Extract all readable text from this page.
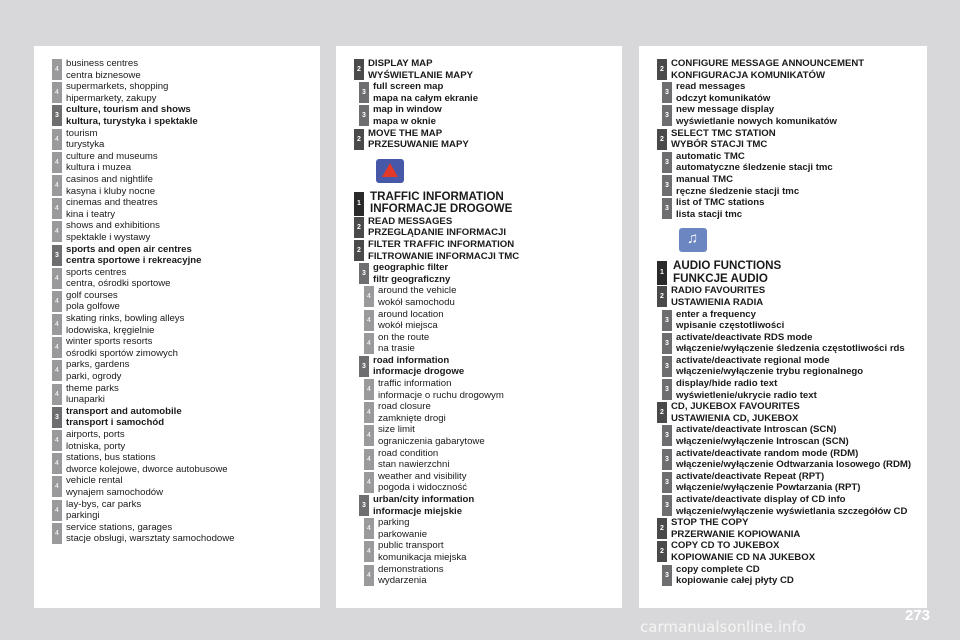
4
business centres
centra biznesowe
4
supermarkets, shopping
hipermarkety, zakupy
3
culture, tourism and shows
kultura, turystyka i spektakle
4
tourism
turystyka
4
culture and museums
kultura i muzea
4
casinos and nightlife
kasyna i kluby nocne
4
cinemas and theatres
kina i teatry
4
shows and exhibitions
spektakle i wystawy
3
sports and open air centres
centra sportowe i rekreacyjne
4
sports centres
centra, ośrodki sportowe
4
golf courses
pola golfowe
4
skating rinks, bowling alleys
lodowiska, kręgielnie
4
winter sports resorts
ośrodki sportów zimowych
4
parks, gardens
parki, ogrody
4
theme parks
lunaparki
3
transport and automobile
transport i samochód
4
airports, ports
lotniska, porty
4
stations, bus stations
dworce kolejowe, dworce autobusowe
4
vehicle rental
wynajem samochodów
4
lay-bys, car parks
parkingi
4
service stations, garages
stacje obsługi, warsztaty samochodowe
2
DISPLAY MAP
WYŚWIETLANIE MAPY
3
full screen map
mapa na całym ekranie
3
map in window
mapa w oknie
2
MOVE THE MAP
PRZESUWANIE MAPY
1
TRAFFIC INFORMATION
INFORMACJE DROGOWE
2
READ MESSAGES
PRZEGLĄDANIE INFORMACJI
2
FILTER TRAFFIC INFORMATION
FILTROWANIE INFORMACJI TMC
3
geographic filter
filtr geograficzny
4
around the vehicle
wokół samochodu
4
around location
wokół miejsca
4
on the route
na trasie
3
road information
informacje drogowe
4
traffic information
informacje o ruchu drogowym
4
road closure
zamknięte drogi
4
size limit
ograniczenia gabarytowe
4
road condition
stan nawierzchni
4
weather and visibility
pogoda i widoczność
3
urban/city information
informacje miejskie
4
parking
parkowanie
4
public transport
komunikacja miejska
4
demonstrations
wydarzenia
2
CONFIGURE MESSAGE ANNOUNCEMENT
KONFIGURACJA KOMUNIKATÓW
3
read messages
odczyt komunikatów
3
new message display
wyświetlanie nowych komunikatów
2
SELECT TMC STATION
WYBÓR STACJI TMC
3
automatic TMC
automatyczne śledzenie stacji tmc
3
manual TMC
ręczne śledzenie stacji tmc
3
list of TMC stations
lista stacji tmc
♫
1
AUDIO FUNCTIONS
FUNKCJE AUDIO
2
RADIO FAVOURITES
USTAWIENIA RADIA
3
enter a frequency
wpisanie częstotliwości
3
activate/deactivate RDS mode
włączenie/wyłączenie śledzenia częstotliwości rds
3
activate/deactivate regional mode
włączenie/wyłączenie trybu regionalnego
3
display/hide radio text
wyświetlenie/ukrycie radio text
2
CD, JUKEBOX FAVOURITES
USTAWIENIA CD, JUKEBOX
3
activate/deactivate Introscan (SCN)
włączenie/wyłączenie Introscan (SCN)
3
activate/deactivate random mode (RDM)
włączenie/wyłączenie Odtwarzania losowego (RDM)
3
activate/deactivate Repeat (RPT)
włączenie/wyłączenie Powtarzania (RPT)
3
activate/deactivate display of CD info
włączenie/wyłączenie wyświetlania szczegółów CD
2
STOP THE COPY
PRZERWANIE KOPIOWANIA
2
COPY CD TO JUKEBOX
KOPIOWANIE CD NA JUKEBOX
3
copy complete CD
kopiowanie całej płyty CD
273
carmanualsonline.info
